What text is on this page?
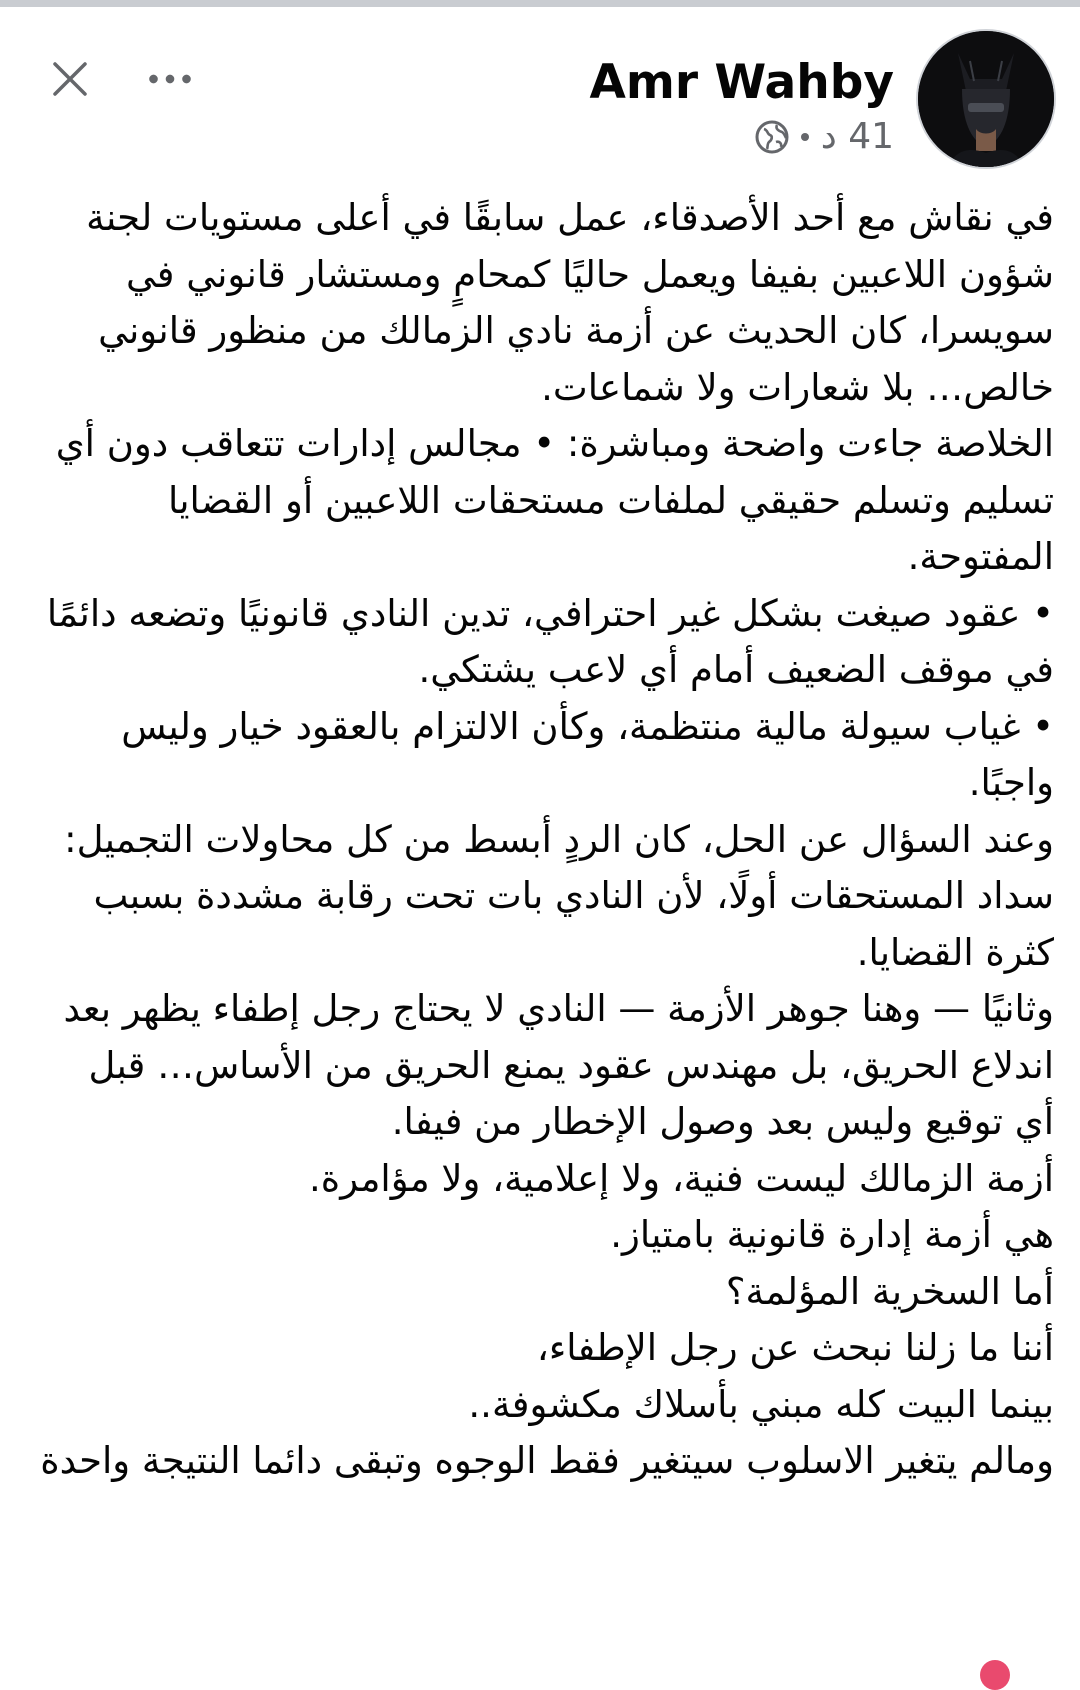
Amr Wahby
41 د

في نقاش مع أحد الأصدقاء، عمل سابقًا في أعلى مستويات لجنة شؤون اللاعبين بفيفا ويعمل حاليًا كمحامٍ ومستشار قانوني في سويسرا، كان الحديث عن أزمة نادي الزمالك من منظور قانوني خالص… بلا شعارات ولا شماعات.

الخلاصة جاءت واضحة ومباشرة: • مجالس إدارات تتعاقب دون أي تسليم وتسلم حقيقي لملفات مستحقات اللاعبين أو القضايا المفتوحة.

• عقود صيغت بشكل غير احترافي، تدين النادي قانونيًا وتضعه دائمًا في موقف الضعيف أمام أي لاعب يشتكي.

• غياب سيولة مالية منتظمة، وكأن الالتزام بالعقود خيار وليس واجبًا.

وعند السؤال عن الحل، كان الردٍ أبسط من كل محاولات التجميل: سداد المستحقات أولًا، لأن النادي بات تحت رقابة مشددة بسبب كثرة القضايا.

وثانيًا — وهنا جوهر الأزمة — النادي لا يحتاج رجل إطفاء يظهر بعد اندلاع الحريق، بل مهندس عقود يمنع الحريق من الأساس… قبل أي توقيع وليس بعد وصول الإخطار من فيفا.

أزمة الزمالك ليست فنية، ولا إعلامية، ولا مؤامرة.

هي أزمة إدارة قانونية بامتياز.

أما السخرية المؤلمة؟

أننا ما زلنا نبحث عن رجل الإطفاء،

بينما البيت كله مبني بأسلاك مكشوفة..

ومالم يتغير الاسلوب سيتغير فقط الوجوه وتبقى دائما النتيجة واحدة
